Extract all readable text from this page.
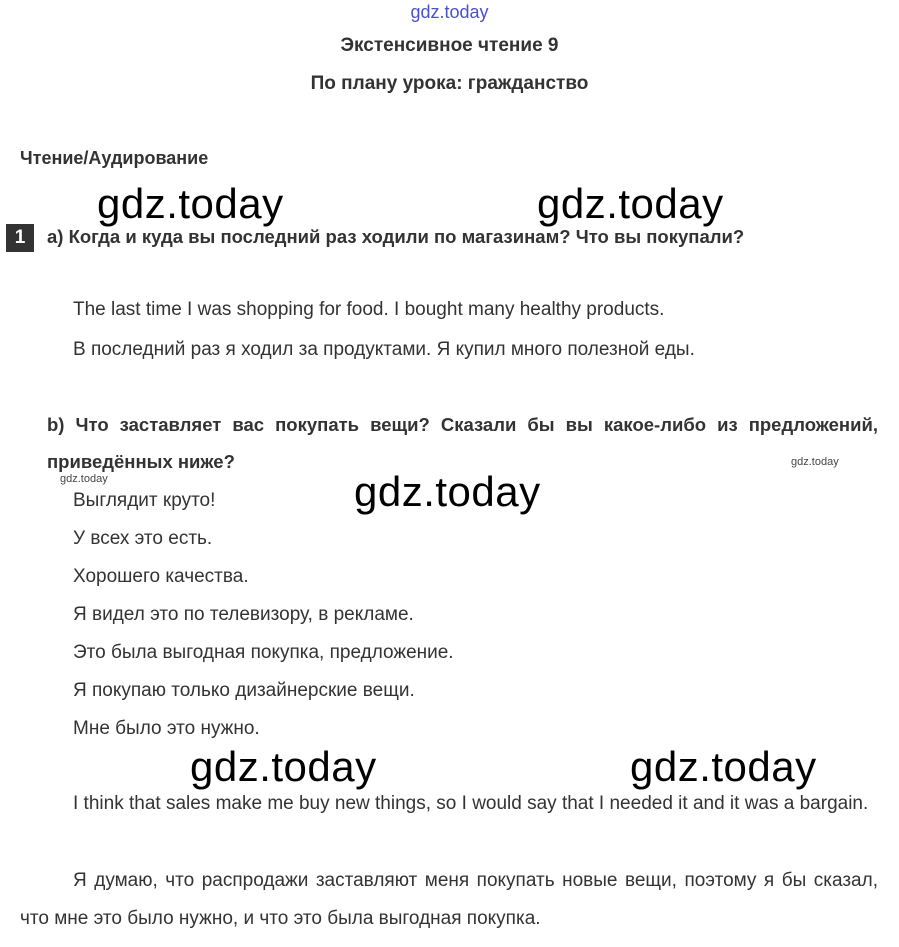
gdz.today
Экстенсивное чтение 9
По плану урока: гражданство
Чтение/Аудирование
gdz.today	gdz.today
1	a) Когда и куда вы последний раз ходили по магазинам? Что вы покупали?
The last time I was shopping for food. I bought many healthy products.
В последний раз я ходил за продуктами. Я купил много полезной еды.
b) Что заставляет вас покупать вещи? Сказали бы вы какое-либо из предложений, приведённых ниже?	gdz.today
gdz.today	gdz.today
Выглядит круто!
У всех это есть.
Хорошего качества.
Я видел это по телевизору, в рекламе.
Это была выгодная покупка, предложение.
Я покупаю только дизайнерские вещи.
Мне было это нужно.
gdz.today	gdz.today
I think that sales make me buy new things, so I would say that I needed it and it was a bargain.
Я думаю, что распродажи заставляют меня покупать новые вещи, поэтому я бы сказал, что мне это было нужно, и что это была выгодная покупка.
